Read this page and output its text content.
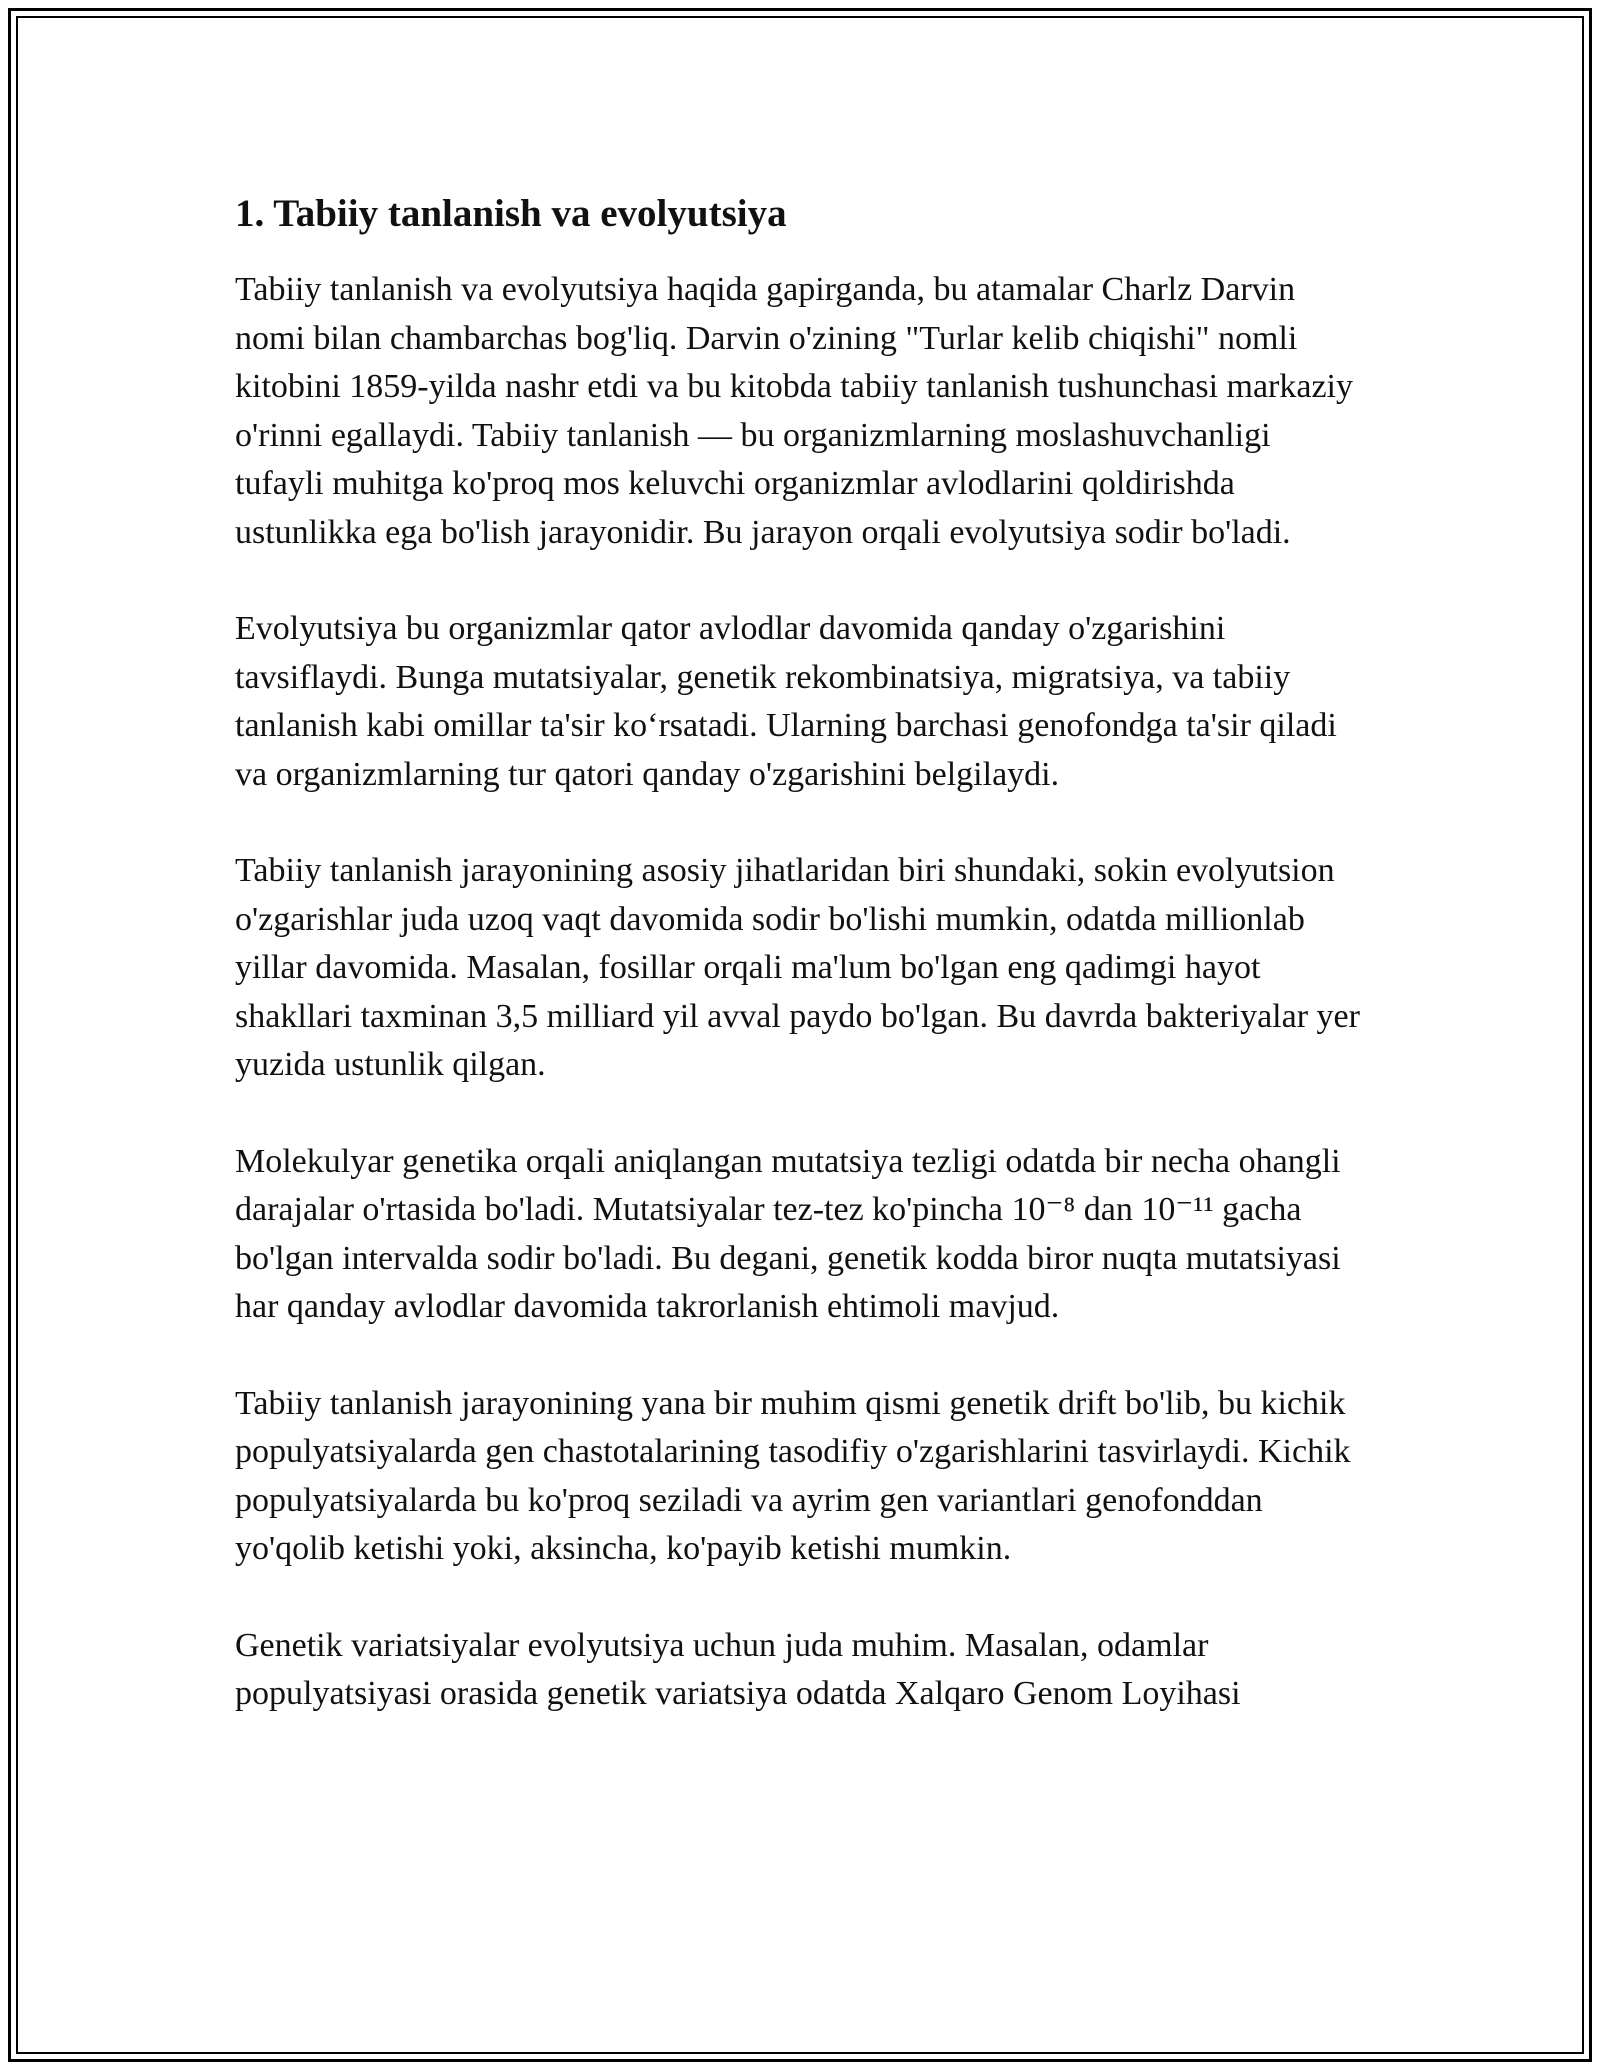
1. Tabiiy tanlanish va evolyutsiya

Tabiiy tanlanish va evolyutsiya haqida gapirganda, bu atamalar Charlz Darvin nomi bilan chambarchas bog'liq. Darvin o'zining "Turlar kelib chiqishi" nomli kitobini 1859-yilda nashr etdi va bu kitobda tabiiy tanlanish tushunchasi markaziy o'rinni egallaydi. Tabiiy tanlanish — bu organizmlarning moslashuvchanligi tufayli muhitga ko'proq mos keluvchi organizmlar avlodlarini qoldirishda ustunlikka ega bo'lish jarayonidir. Bu jarayon orqali evolyutsiya sodir bo'ladi.

Evolyutsiya bu organizmlar qator avlodlar davomida qanday o'zgarishini tavsiflaydi. Bunga mutatsiyalar, genetik rekombinatsiya, migratsiya, va tabiiy tanlanish kabi omillar ta'sir ko‘rsatadi. Ularning barchasi genofondga ta'sir qiladi va organizmlarning tur qatori qanday o'zgarishini belgilaydi.

Tabiiy tanlanish jarayonining asosiy jihatlaridan biri shundaki, sokin evolyutsion o'zgarishlar juda uzoq vaqt davomida sodir bo'lishi mumkin, odatda millionlab yillar davomida. Masalan, fosillar orqali ma'lum bo'lgan eng qadimgi hayot shakllari taxminan 3,5 milliard yil avval paydo bo'lgan. Bu davrda bakteriyalar yer yuzida ustunlik qilgan.

Molekulyar genetika orqali aniqlangan mutatsiya tezligi odatda bir necha ohangli darajalar o'rtasida bo'ladi. Mutatsiyalar tez-tez ko'pincha 10⁻⁸ dan 10⁻¹¹ gacha bo'lgan intervalda sodir bo'ladi. Bu degani, genetik kodda biror nuqta mutatsiyasi har qanday avlodlar davomida takrorlanish ehtimoli mavjud.

Tabiiy tanlanish jarayonining yana bir muhim qismi genetik drift bo'lib, bu kichik populyatsiyalarda gen chastotalarining tasodifiy o'zgarishlarini tasvirlaydi. Kichik populyatsiyalarda bu ko'proq seziladi va ayrim gen variantlari genofonddan yo'qolib ketishi yoki, aksincha, ko'payib ketishi mumkin.

Genetik variatsiyalar evolyutsiya uchun juda muhim. Masalan, odamlar populyatsiyasi orasida genetik variatsiya odatda Xalqaro Genom Loyihasi
